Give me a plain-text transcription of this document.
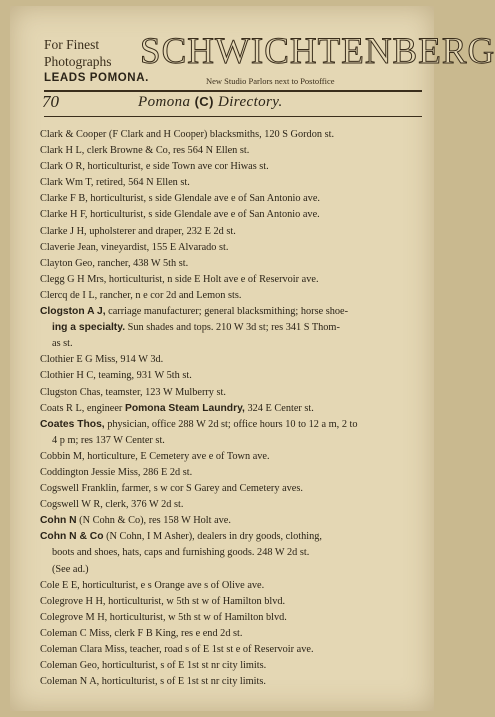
For Finest
Photographs
LEADS POMONA.
SCHWICHTENBERG
New Studio Parlors next to Postoffice
70	Pomona (C) Directory.
Clark & Cooper (F Clark and H Cooper) blacksmiths, 120 S Gordon st.
Clark H L, clerk Browne & Co, res 564 N Ellen st.
Clark O R, horticulturist, e side Town ave cor Hiwas st.
Clark Wm T, retired, 564 N Ellen st.
Clarke F B, horticulturist, s side Glendale ave e of San Antonio ave.
Clarke H F, horticulturist, s side Glendale ave e of San Antonio ave.
Clarke J H, upholsterer and draper, 232 E 2d st.
Claverie Jean, vineyardist, 155 E Alvarado st.
Clayton Geo, rancher, 438 W 5th st.
Clegg G H Mrs, horticulturist, n side E Holt ave e of Reservoir ave.
Clercq de I L, rancher, n e cor 2d and Lemon sts.
Clogston A J, carriage manufacturer; general blacksmithing; horse shoe-
ing a specialty. Sun shades and tops. 210 W 3d st; res 341 S Thom-
as st.
Clothier E G Miss, 914 W 3d.
Clothier H C, teaming, 931 W 5th st.
Clugston Chas, teamster, 123 W Mulberry st.
Coats R L, engineer Pomona Steam Laundry, 324 E Center st.
Coates Thos, physician, office 288 W 2d st; office hours 10 to 12 a m, 2 to
4 p m; res 137 W Center st.
Cobbin M, horticulture, E Cemetery ave e of Town ave.
Coddington Jessie Miss, 286 E 2d st.
Cogswell Franklin, farmer, s w cor S Garey and Cemetery aves.
Cogswell W R, clerk, 376 W 2d st.
Cohn N (N Cohn & Co), res 158 W Holt ave.
Cohn N & Co (N Cohn, I M Asher), dealers in dry goods, clothing,
boots and shoes, hats, caps and furnishing goods. 248 W 2d st.
(See ad.)
Cole E E, horticulturist, e s Orange ave s of Olive ave.
Colegrove H H, horticulturist, w 5th st w of Hamilton blvd.
Colegrove M H, horticulturist, w 5th st w of Hamilton blvd.
Coleman C Miss, clerk F B King, res e end 2d st.
Coleman Clara Miss, teacher, road s of E 1st st e of Reservoir ave.
Coleman Geo, horticulturist, s of E 1st st nr city limits.
Coleman N A, horticulturist, s of E 1st st nr city limits.
